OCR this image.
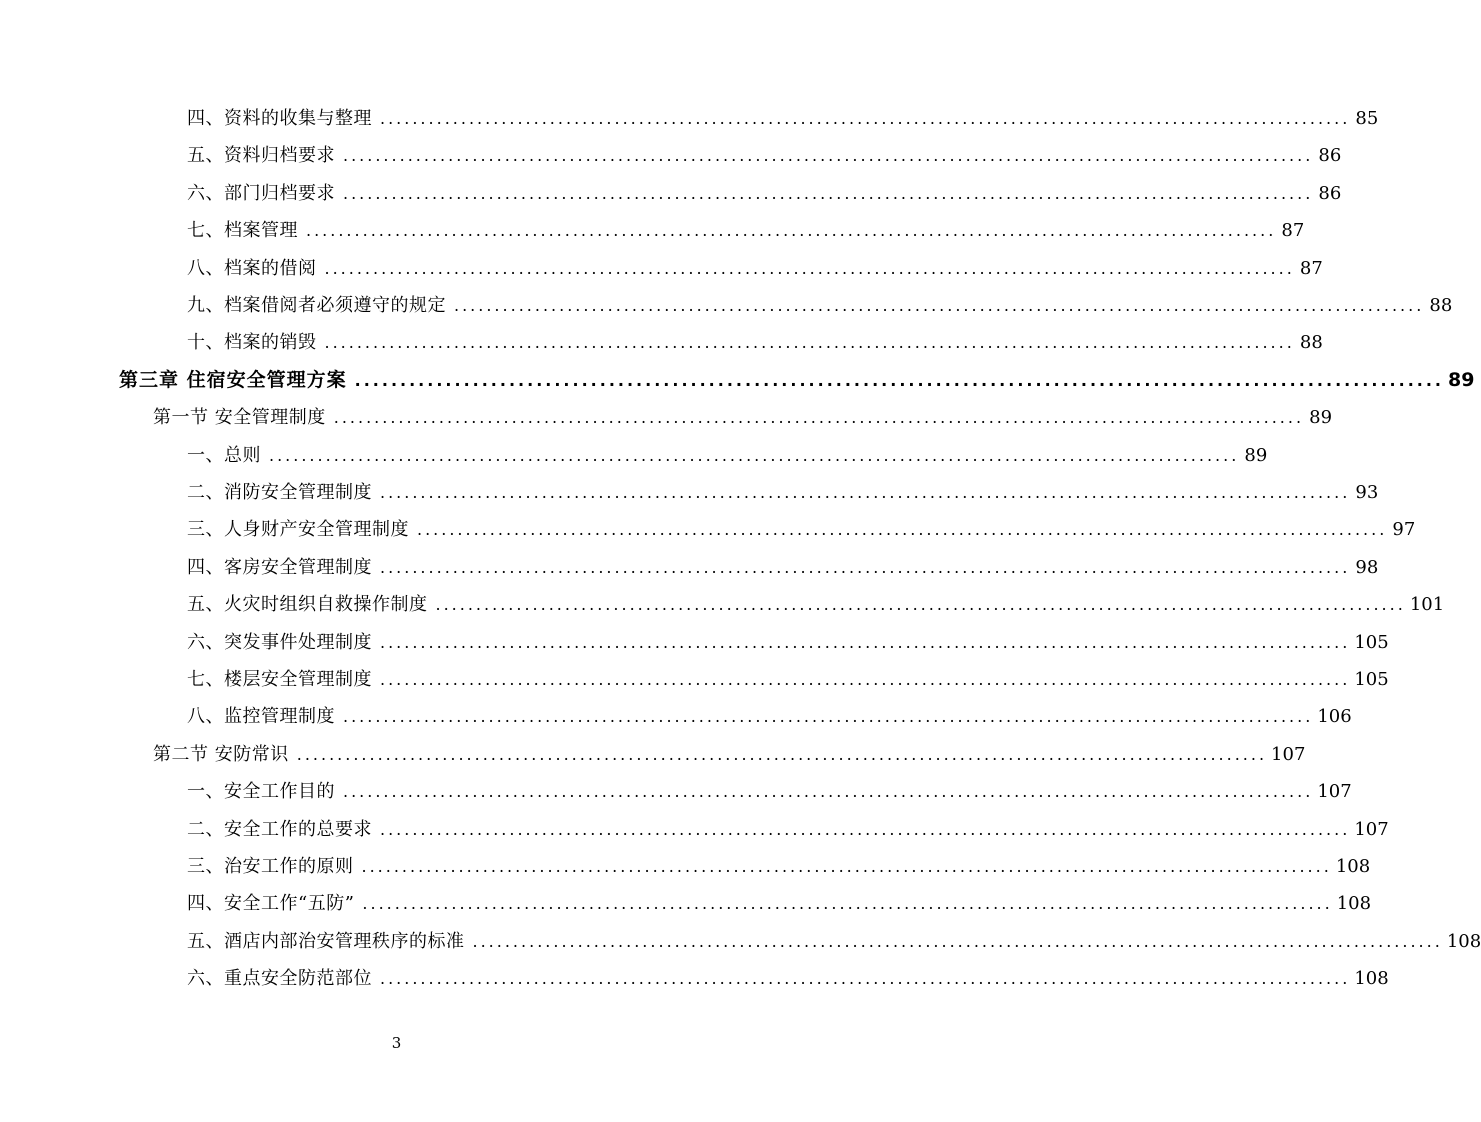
四、资料的收集与整理 ........................................................................................................................ 85
五、资料归档要求 ........................................................................................................................ 86
六、部门归档要求 ........................................................................................................................ 86
七、档案管理 ........................................................................................................................ 87
八、档案的借阅 ........................................................................................................................ 87
九、档案借阅者必须遵守的规定 ........................................................................................................................ 88
十、档案的销毁 ........................................................................................................................ 88
第三章 住宿安全管理方案 ........................................................................................................................ 89
第一节 安全管理制度 ........................................................................................................................ 89
一、总则 ........................................................................................................................ 89
二、消防安全管理制度 ........................................................................................................................ 93
三、人身财产安全管理制度 ........................................................................................................................ 97
四、客房安全管理制度 ........................................................................................................................ 98
五、火灾时组织自救操作制度 ........................................................................................................................ 101
六、突发事件处理制度 ........................................................................................................................ 105
七、楼层安全管理制度 ........................................................................................................................ 105
八、监控管理制度 ........................................................................................................................ 106
第二节 安防常识 ........................................................................................................................ 107
一、安全工作目的 ........................................................................................................................ 107
二、安全工作的总要求 ........................................................................................................................ 107
三、治安工作的原则 ........................................................................................................................ 108
四、安全工作“五防” ........................................................................................................................ 108
五、酒店内部治安管理秩序的标准 ........................................................................................................................ 108
六、重点安全防范部位 ........................................................................................................................ 108
3
